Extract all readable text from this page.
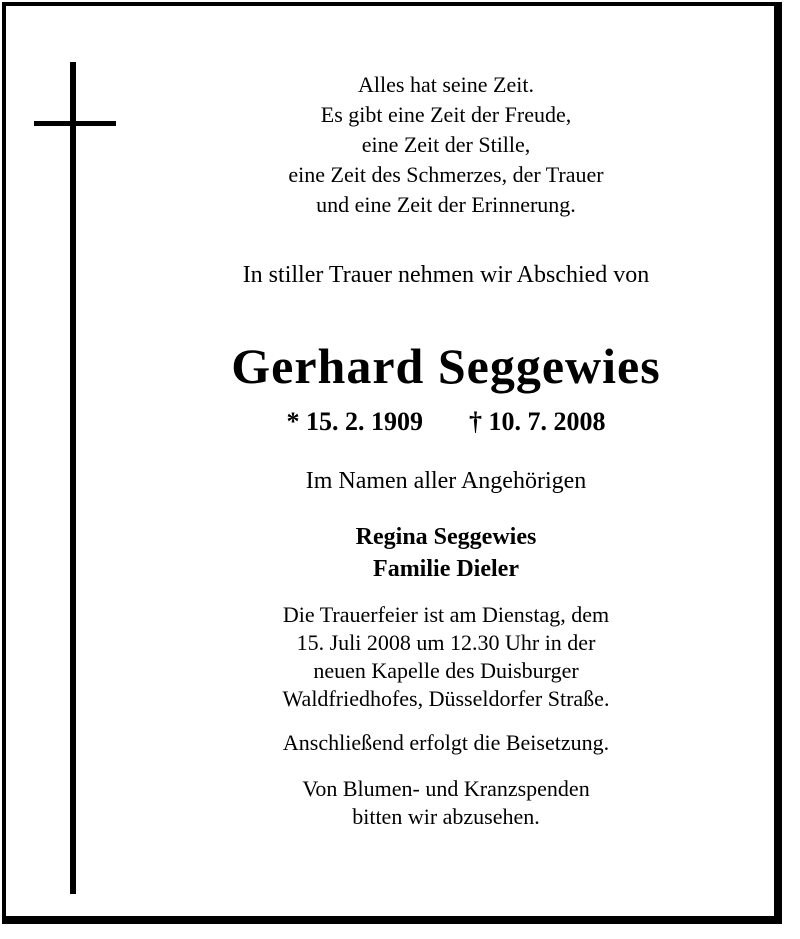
Alles hat seine Zeit.
Es gibt eine Zeit der Freude,
eine Zeit der Stille,
eine Zeit des Schmerzes, der Trauer
und eine Zeit der Erinnerung.
In stiller Trauer nehmen wir Abschied von
Gerhard Seggewies
* 15. 2. 1909 † 10. 7. 2008
Im Namen aller Angehörigen
Regina Seggewies
Familie Dieler
Die Trauerfeier ist am Dienstag, dem
15. Juli 2008 um 12.30 Uhr in der
neuen Kapelle des Duisburger
Waldfriedhofes, Düsseldorfer Straße.
Anschließend erfolgt die Beisetzung.
Von Blumen- und Kranzspenden
bitten wir abzusehen.
